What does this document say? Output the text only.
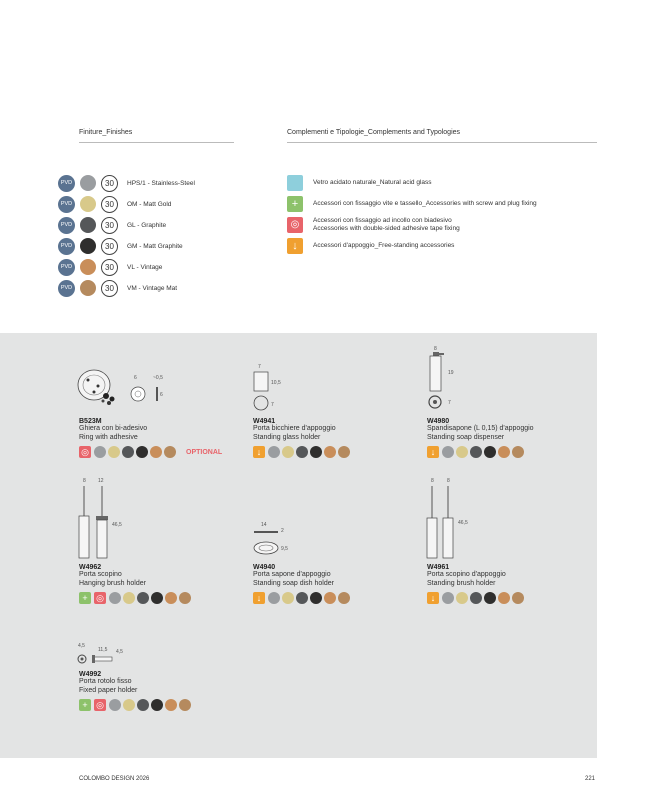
Finiture_Finishes	Complementi e Tipologie_Complements and Typologies
PVD	30	HPS/1 - Stainless-Steel
PVD	30	OM - Matt Gold
PVD	30	GL - Graphite
PVD	30	GM - Matt Graphite
PVD	30	VL - Vintage
PVD	30	VM - Vintage Mat
Vetro acidato naturale_Natural acid glass
+	Accessori con fissaggio vite e tassello_Accessories with screw and plug fixing
◎	Accessori con fissaggio ad incollo con biadesivo
Accessories with double-sided adhesive tape fixing
↓	Accessori d'appoggio_Free-standing accessories
6	~0,5
6
7
10,5
7
8
19
7
8 12
46,5	14
2
9,5
8	8
46,5
4,5
11,5 4,5
B523M
Ghiera con bi-adesivo
Ring with adhesive
◎	OPTIONAL
W4941
Porta bicchiere d'appoggio
Standing glass holder
↓
W4980
Spandisapone (L 0,15) d'appoggio
Standing soap dispenser
↓
W4962
Porta scopino
Hanging brush holder
+ ◎
W4940
Porta sapone d'appoggio
Standing soap dish holder
↓
W4961
Porta scopino d'appoggio
Standing brush holder
↓
W4992
Porta rotolo fisso
Fixed paper holder
+ ◎
COLOMBO DESIGN 2026	221
